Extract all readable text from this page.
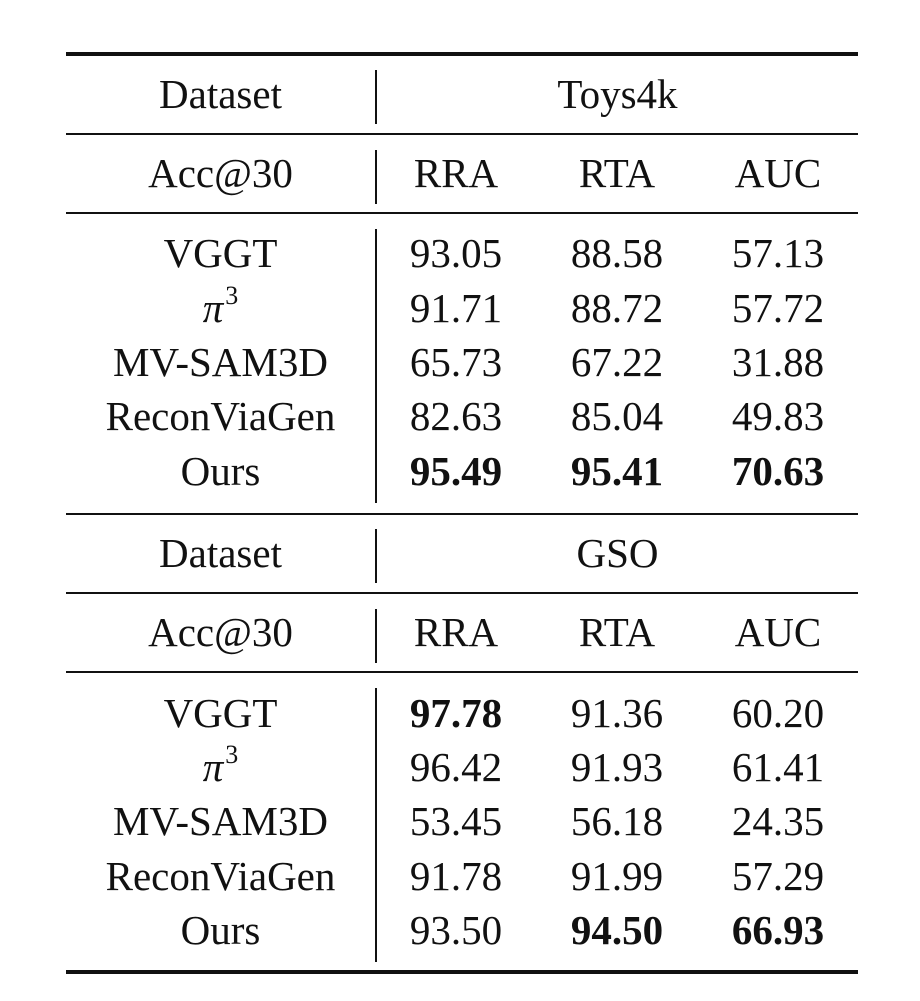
Dataset	Toys4k
Acc@30	RRA	RTA	AUC
VGGT	93.05	88.58	57.13
$\pi^3$	91.71	88.72	57.72
MV-SAM3D	65.73	67.22	31.88
ReconViaGen	82.63	85.04	49.83
Ours	95.49	95.41	70.63
Dataset	GSO
Acc@30	RRA	RTA	AUC
VGGT	97.78	91.36	60.20
$\pi^3$	96.42	91.93	61.41
MV-SAM3D	53.45	56.18	24.35
ReconViaGen	91.78	91.99	57.29
Ours	93.50	94.50	66.93
